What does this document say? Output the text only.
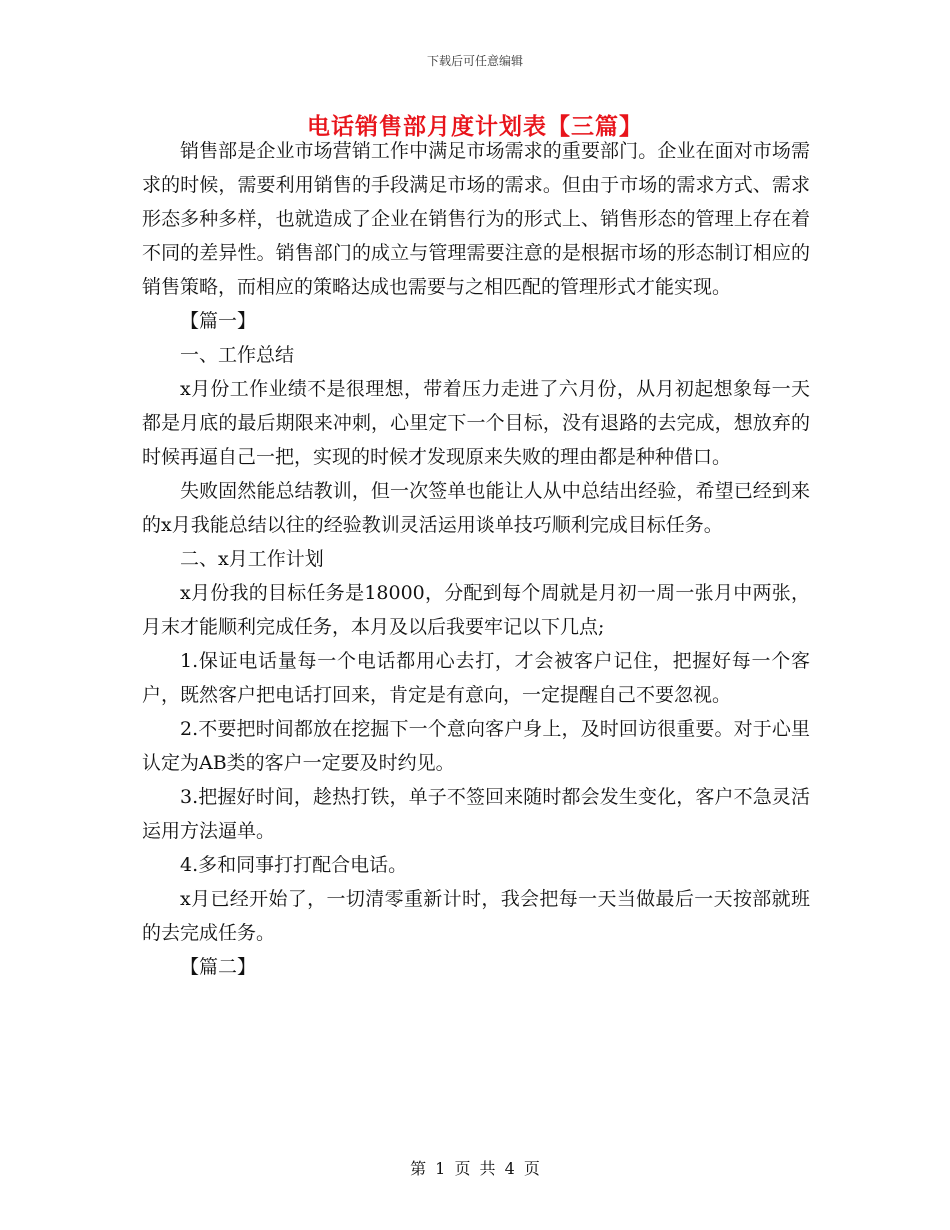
下载后可任意编辑
电话销售部月度计划表【三篇】

销售部是企业市场营销工作中满足市场需求的重要部门。企业在面对市场需求的时候，需要利用销售的手段满足市场的需求。但由于市场的需求方式、需求形态多种多样，也就造成了企业在销售行为的形式上、销售形态的管理上存在着不同的差异性。销售部门的成立与管理需要注意的是根据市场的形态制订相应的销售策略，而相应的策略达成也需要与之相匹配的管理形式才能实现。

【篇一】

一、工作总结

x月份工作业绩不是很理想，带着压力走进了六月份，从月初起想象每一天都是月底的最后期限来冲刺，心里定下一个目标，没有退路的去完成，想放弃的时候再逼自己一把，实现的时候才发现原来失败的理由都是种种借口。

失败固然能总结教训，但一次签单也能让人从中总结出经验，希望已经到来的x月我能总结以往的经验教训灵活运用谈单技巧顺利完成目标任务。

二、x月工作计划

x月份我的目标任务是18000，分配到每个周就是月初一周一张月中两张，月末才能顺利完成任务，本月及以后我要牢记以下几点;

1.保证电话量每一个电话都用心去打，才会被客户记住，把握好每一个客户，既然客户把电话打回来，肯定是有意向，一定提醒自己不要忽视。

2.不要把时间都放在挖掘下一个意向客户身上，及时回访很重要。对于心里认定为AB类的客户一定要及时约见。

3.把握好时间，趁热打铁，单子不签回来随时都会发生变化，客户不急灵活运用方法逼单。

4.多和同事打打配合电话。

x月已经开始了，一切清零重新计时，我会把每一天当做最后一天按部就班的去完成任务。

【篇二】

第 1 页 共 4 页
